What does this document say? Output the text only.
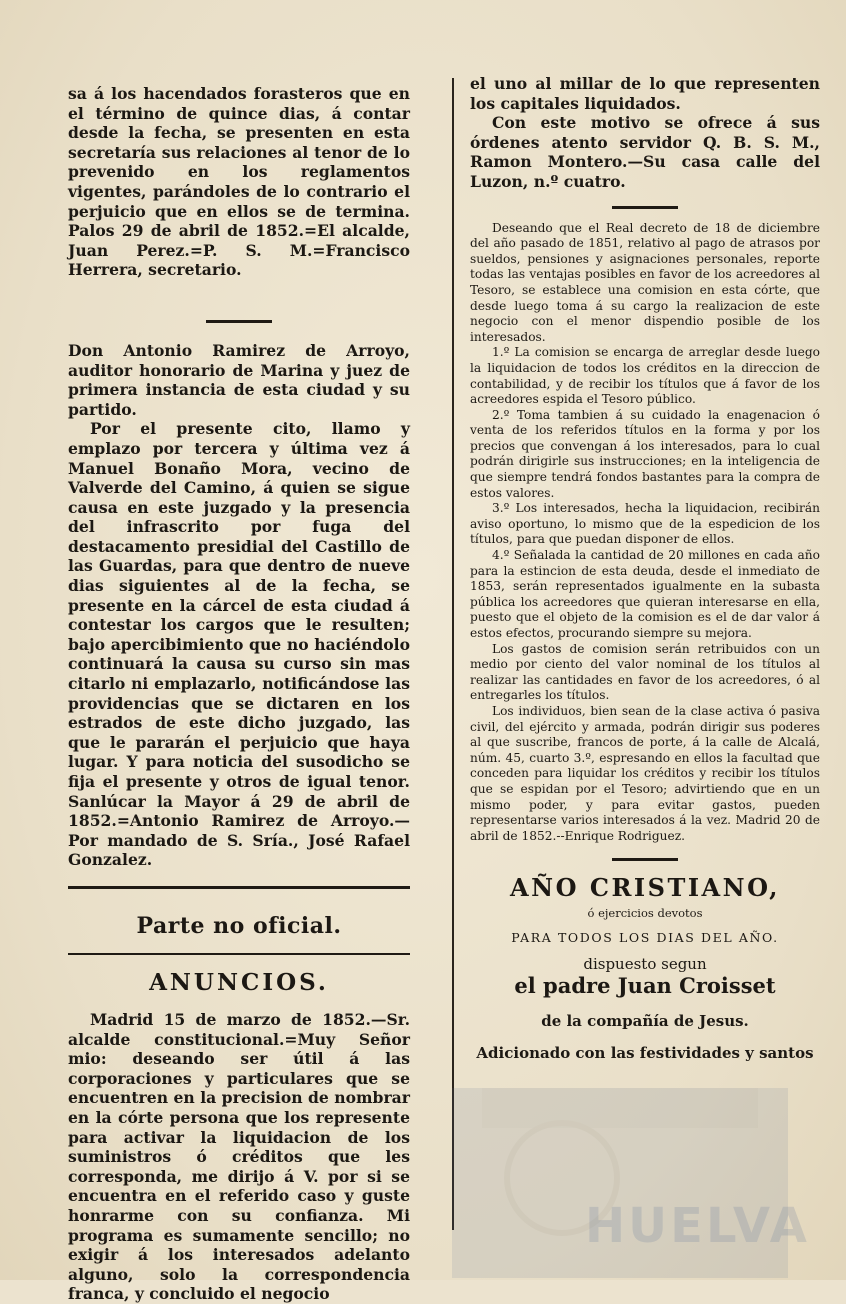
sa á los hacendados forasteros que en el término de quince dias, á contar desde la fecha, se presenten en esta secretaría sus relaciones al tenor de lo prevenido en los reglamentos vigentes, parándoles de lo contrario el perjuicio que en ellos se de termina. Palos 29 de abril de 1852.=El alcalde, Juan Perez.=P. S. M.=Francisco Herrera, secretario.

Don Antonio Ramirez de Arroyo, auditor honorario de Marina y juez de primera instancia de esta ciudad y su partido.

Por el presente cito, llamo y emplazo por tercera y última vez á Manuel Bonaño Mora, vecino de Valverde del Camino, á quien se sigue causa en este juzgado y la presencia del infrascrito por fuga del destacamento presidial del Castillo de las Guardas, para que dentro de nueve dias siguientes al de la fecha, se presente en la cárcel de esta ciudad á contestar los cargos que le resulten; bajo apercibimiento que no haciéndolo continuará la causa su curso sin mas citarlo ni emplazarlo, notificándose las providencias que se dictaren en los estrados de este dicho juzgado, las que le pararán el perjuicio que haya lugar. Y para noticia del susodicho se fija el presente y otros de igual tenor. Sanlúcar la Mayor á 29 de abril de 1852.=Antonio Ramirez de Arroyo.—Por mandado de S. Sría., José Rafael Gonzalez.

Parte no oficial.
ANUNCIOS.

Madrid 15 de marzo de 1852.—Sr. alcalde constitucional.=Muy Señor mio: deseando ser útil á las corporaciones y particulares que se encuentren en la precision de nombrar en la córte persona que los represente para activar la liquidacion de los suministros ó créditos que les corresponda, me dirijo á V. por si se encuentra en el referido caso y guste honrarme con su confianza. Mi programa es sumamente sencillo; no exigir á los interesados adelanto alguno, solo la correspondencia franca, y concluido el negocio

el uno al millar de lo que representen los capitales liquidados.

Con este motivo se ofrece á sus órdenes atento servidor Q. B. S. M., Ramon Montero.—Su casa calle del Luzon, n.º cuatro.

Deseando que el Real decreto de 18 de diciembre del año pasado de 1851, relativo al pago de atrasos por sueldos, pensiones y asignaciones personales, reporte todas las ventajas posibles en favor de los acreedores al Tesoro, se establece una comision en esta córte, que desde luego toma á su cargo la realizacion de este negocio con el menor dispendio posible de los interesados.

1.º La comision se encarga de arreglar desde luego la liquidacion de todos los créditos en la direccion de contabilidad, y de recibir los títulos que á favor de los acreedores espida el Tesoro público.

2.º Toma tambien á su cuidado la enagenacion ó venta de los referidos títulos en la forma y por los precios que convengan á los interesados, para lo cual podrán dirigirle sus instrucciones; en la inteligencia de que siempre tendrá fondos bastantes para la compra de estos valores.

3.º Los interesados, hecha la liquidacion, recibirán aviso oportuno, lo mismo que de la espedicion de los títulos, para que puedan disponer de ellos.

4.º Señalada la cantidad de 20 millones en cada año para la estincion de esta deuda, desde el inmediato de 1853, serán representados igualmente en la subasta pública los acreedores que quieran interesarse en ella, puesto que el objeto de la comision es el de dar valor á estos efectos, procurando siempre su mejora.

Los gastos de comision serán retribuidos con un medio por ciento del valor nominal de los títulos al realizar las cantidades en favor de los acreedores, ó al entregarles los títulos.

Los individuos, bien sean de la clase activa ó pasiva civil, del ejército y armada, podrán dirigir sus poderes al que suscribe, francos de porte, á la calle de Alcalá, núm. 45, cuarto 3.º, espresando en ellos la facultad que conceden para liquidar los créditos y recibir los títulos que se espidan por el Tesoro; advirtiendo que en un mismo poder, y para evitar gastos, pueden representarse varios interesados á la vez. Madrid 20 de abril de 1852.--Enrique Rodriguez.

AÑO CRISTIANO,

ó ejercicios devotos

PARA TODOS LOS DIAS DEL AÑO.

dispuesto segun

el padre Juan Croisset

de la compañía de Jesus.

Adicionado con las festividades y santos

HUELVA
